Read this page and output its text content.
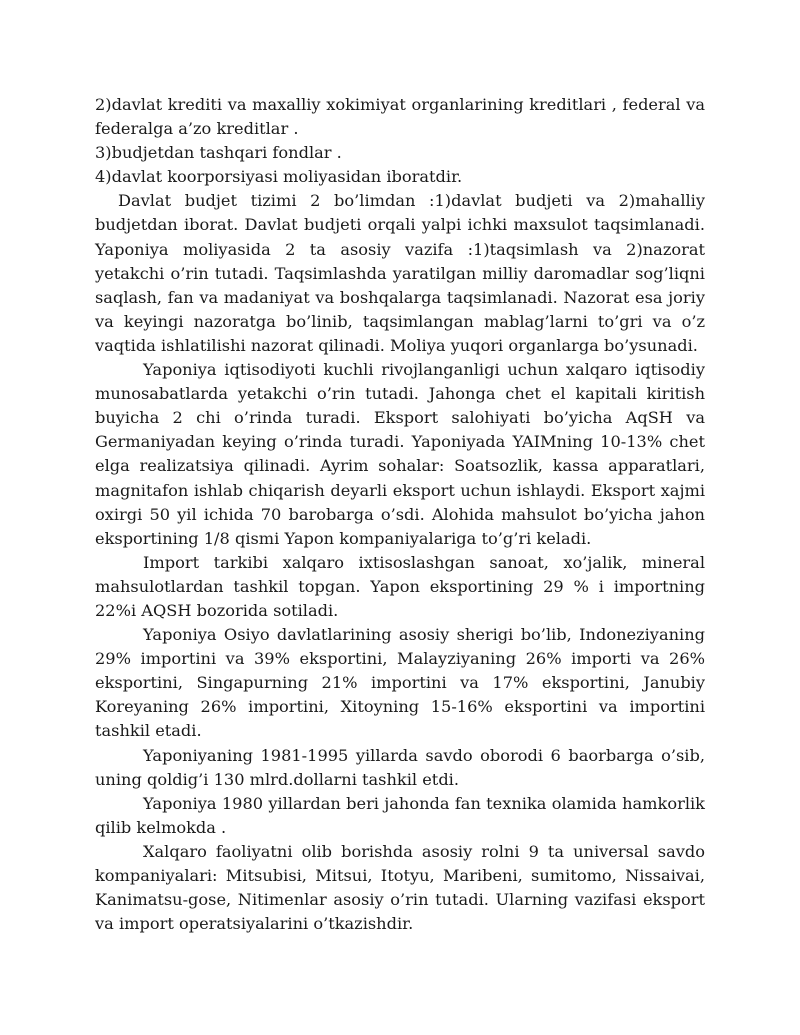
2)davlat krediti va maxalliy xokimiyat organlarining kreditlari , federal va federalga a’zo kreditlar .

3)budjetdan tashqari fondlar .

4)davlat koorporsiyasi moliyasidan iboratdir.

Davlat budjet tizimi 2 bo’limdan :1)davlat budjeti va 2)mahalliy budjetdan iborat. Davlat budjeti orqali yalpi ichki maxsulot taqsimlanadi. Yaponiya moliyasida 2 ta asosiy vazifa :1)taqsimlash va 2)nazorat yetakchi o’rin tutadi. Taqsimlashda yaratilgan milliy daromadlar sog’liqni saqlash, fan va madaniyat va boshqalarga taqsimlanadi. Nazorat esa joriy va keyingi nazoratga bo’linib, taqsimlangan mablag’larni to’gri va o’z vaqtida ishlatilishi nazorat qilinadi. Moliya yuqori organlarga bo’ysunadi.

Yaponiya iqtisodiyoti kuchli rivojlanganligi uchun xalqaro iqtisodiy munosabatlarda yetakchi o’rin tutadi. Jahonga chet el kapitali kiritish buyicha 2 chi o’rinda turadi. Eksport salohiyati bo’yicha AqSH va Germaniyadan keying o’rinda turadi. Yaponiyada YAIMning 10-13% chet elga realizatsiya qilinadi. Ayrim sohalar: Soatsozlik, kassa apparatlari, magnitafon ishlab chiqarish deyarli eksport uchun ishlaydi. Eksport xajmi oxirgi 50 yil ichida 70 barobarga o’sdi. Alohida mahsulot bo’yicha jahon eksportining 1/8 qismi Yapon kompaniyalariga to’g’ri keladi.

Import tarkibi xalqaro ixtisoslashgan sanoat, xo’jalik, mineral mahsulotlardan tashkil topgan. Yapon eksportining 29 % i importning 22%i AQSH bozorida sotiladi.

Yaponiya Osiyo davlatlarining asosiy sherigi bo’lib, Indoneziyaning 29% importini va 39% eksportini, Malayziyaning 26% importi va 26% eksportini, Singapurning 21% importini va 17% eksportini, Janubiy Koreyaning 26% importini, Xitoyning 15-16% eksportini va importini tashkil etadi.

Yaponiyaning 1981-1995 yillarda savdo oborodi 6 baorbarga o’sib, uning qoldig’i 130 mlrd.dollarni tashkil etdi.

Yaponiya 1980 yillardan beri jahonda fan texnika olamida hamkorlik qilib kelmokda .

Xalqaro faoliyatni olib borishda asosiy rolni 9 ta universal savdo kompaniyalari: Mitsubisi, Mitsui, Itotyu, Maribeni, sumitomo, Nissaivai, Kanimatsu-gose, Nitimenlar asosiy o’rin tutadi. Ularning vazifasi eksport va import operatsiyalarini o’tkazishdir.
